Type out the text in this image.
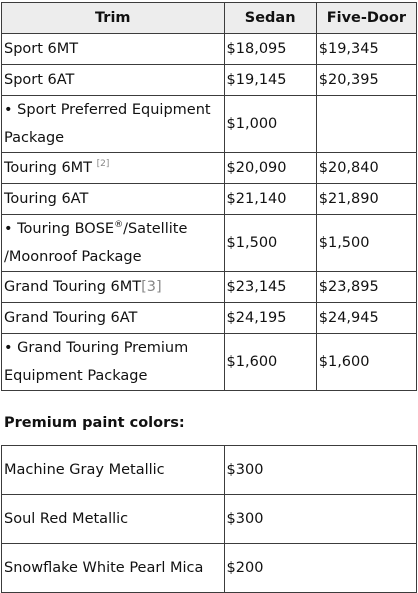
Trim	Sedan	Five-Door
Sport 6MT	$18,095	$19,345
Sport 6AT	$19,145	$20,395
• Sport Preferred Equipment Package	$1,000	
Touring 6MT [2]	$20,090	$20,840
Touring 6AT	$21,140	$21,890
• Touring BOSE®/Satellite /Moonroof Package	$1,500	$1,500
Grand Touring 6MT[3]	$23,145	$23,895
Grand Touring 6AT	$24,195	$24,945
• Grand Touring Premium Equipment Package	$1,600	$1,600
Premium paint colors:
Machine Gray Metallic	$300
Soul Red Metallic	$300
Snowflake White Pearl Mica	$200
